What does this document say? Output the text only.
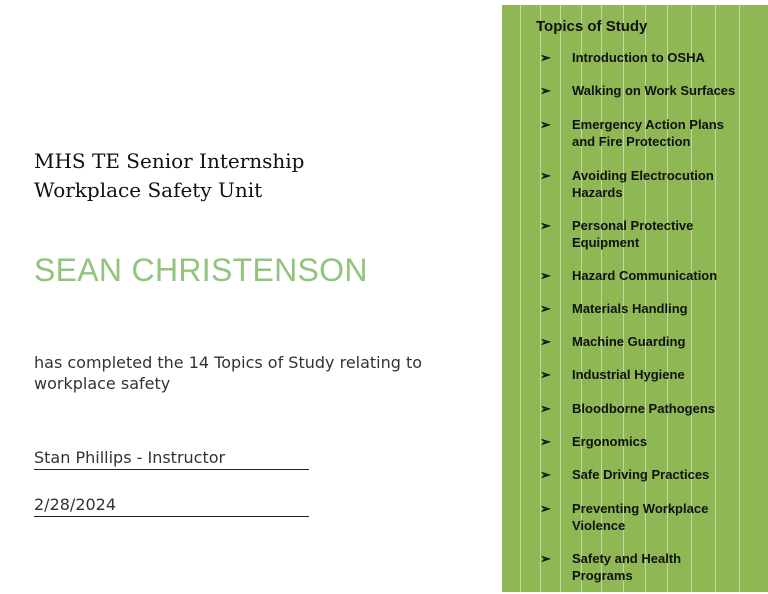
MHS TE Senior Internship
Workplace Safety Unit
SEAN CHRISTENSON
has completed the 14 Topics of Study relating to workplace safety
Stan Phillips - Instructor
2/28/2024
Topics of Study
➢	Introduction to OSHA
➢	Walking on Work Surfaces
➢	Emergency Action Plans
and Fire Protection
➢	Avoiding Electrocution
Hazards
➢	Personal Protective
Equipment
➢	Hazard Communication
➢	Materials Handling
➢	Machine Guarding
➢	Industrial Hygiene
➢	Bloodborne Pathogens
➢	Ergonomics
➢	Safe Driving Practices
➢	Preventing Workplace
Violence
➢	Safety and Health
Programs
